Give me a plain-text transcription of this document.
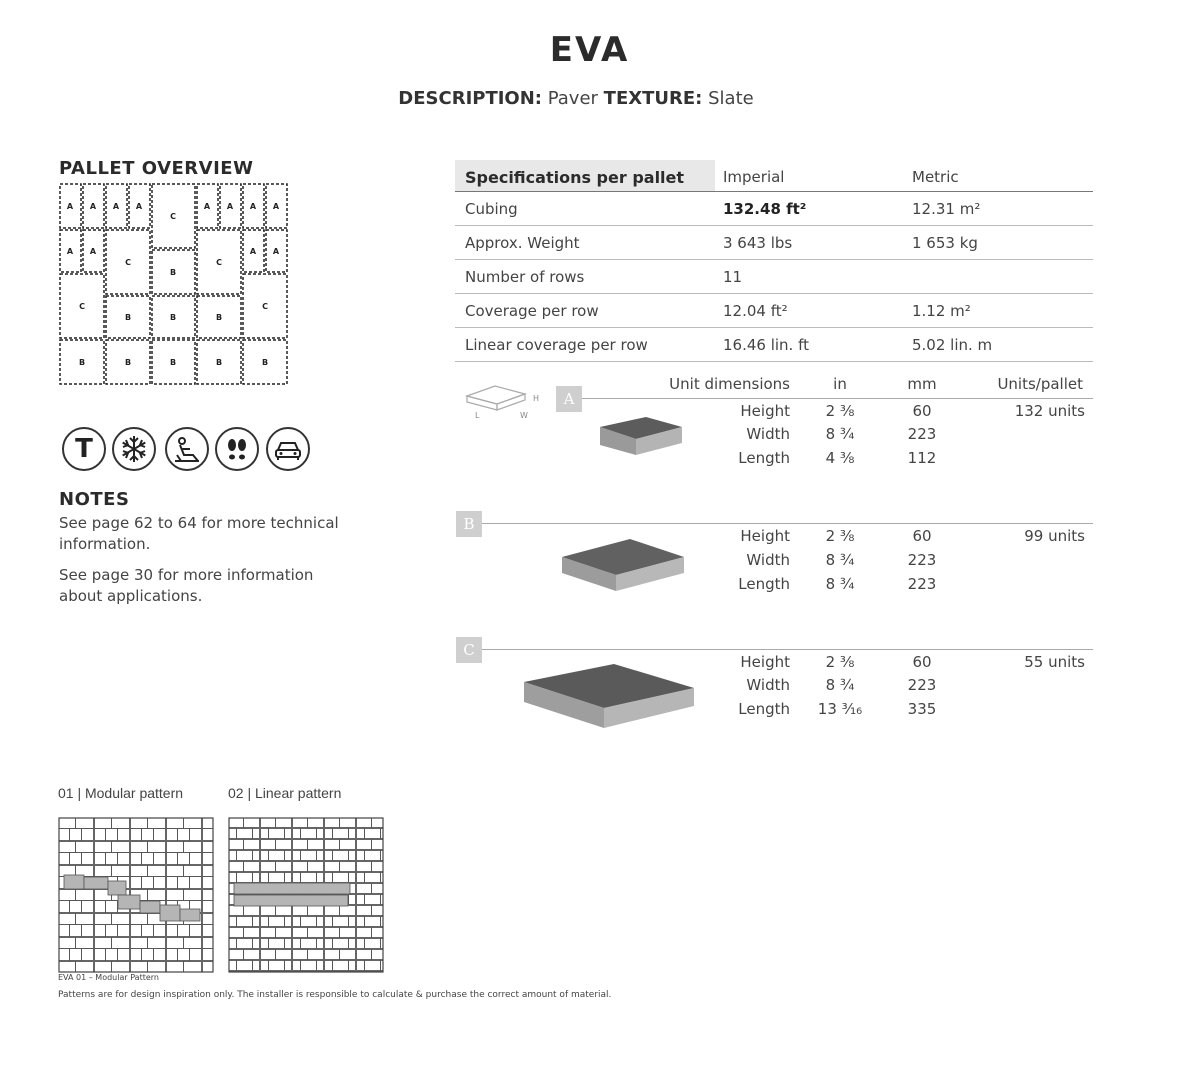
EVA
DESCRIPTION: Paver TEXTURE: Slate
PALLET OVERVIEW
A A A A
C
A A A A
A A
C
B
C
A A
C
B	B	B
C
B	B	B	B	B
T
NOTES

See page 62 to 64 for more technical information.

See page 30 for more information about applications.

Specifications per pallet	Imperial	Metric
Cubing	132.48 ft²	12.31 m²
Approx. Weight	3 643 lbs	1 653 kg
Number of rows	11
Coverage per row	12.04 ft²	1.12 m²
Linear coverage per row	16.46 lin. ft	5.02 lin. m
H
L	W
Unit dimensions	in	mm	Units/pallet
A
Height	2 ⅜	60	132 units
Width	8 ¾	223
Length	4 ⅜	112
B
Height	2 ⅜	60	99 units
Width	8 ¾	223
Length	8 ¾	223
C
Height	2 ⅜	60	55 units
Width	8 ¾	223
Length	13 ³⁄₁₆	335
01 | Modular pattern	02 | Linear pattern
EVA 01 – Modular Pattern
Patterns are for design inspiration only. The installer is responsible to calculate & purchase the correct amount of material.
